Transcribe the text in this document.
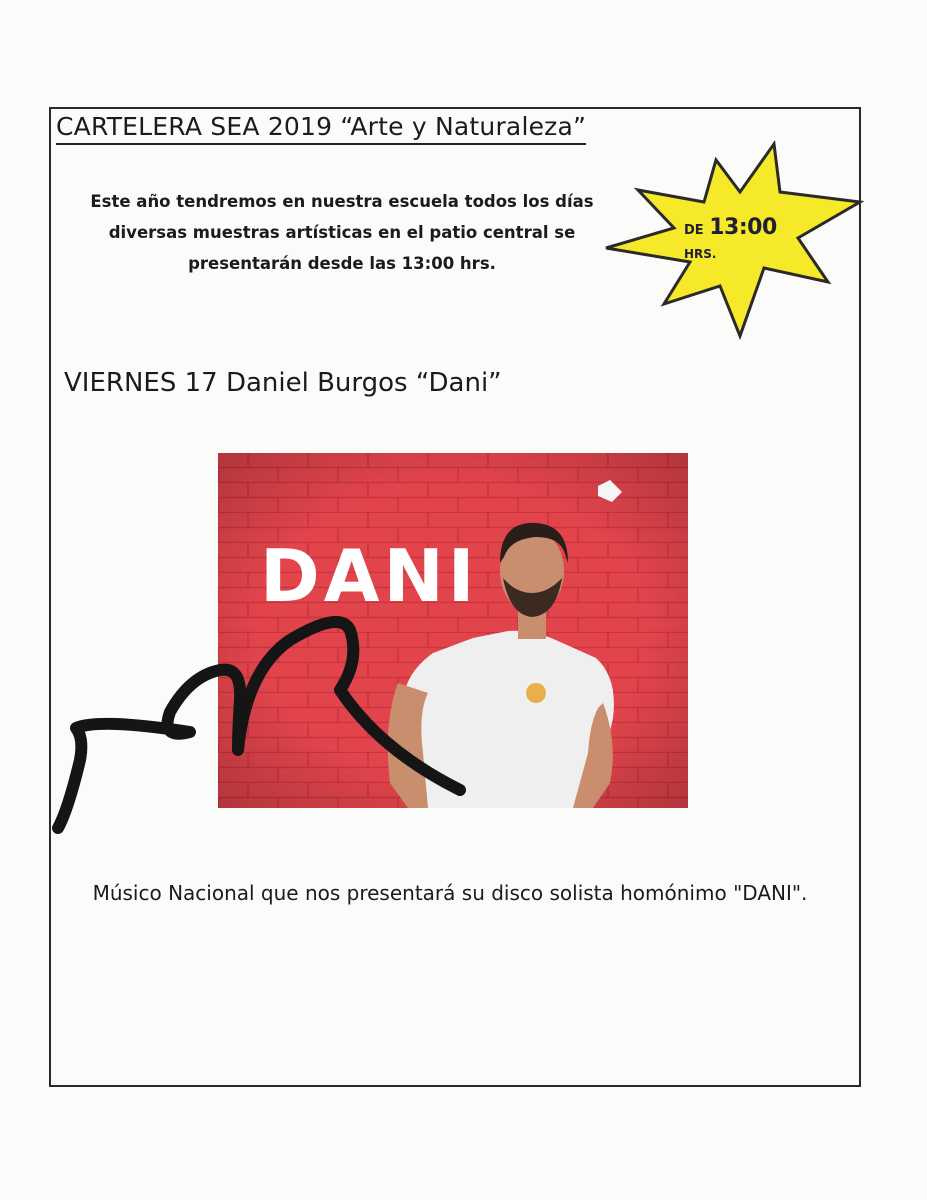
CARTELERA SEA 2019 “Arte y Naturaleza”
Este año tendremos en nuestra escuela todos los días diversas muestras artísticas en el patio central se presentarán desde las 13:00 hrs.
DE 13:00
HRS.
VIERNES 17 Daniel Burgos “Dani”
DANI
Músico Nacional que nos presentará su disco solista homónimo "DANI".
